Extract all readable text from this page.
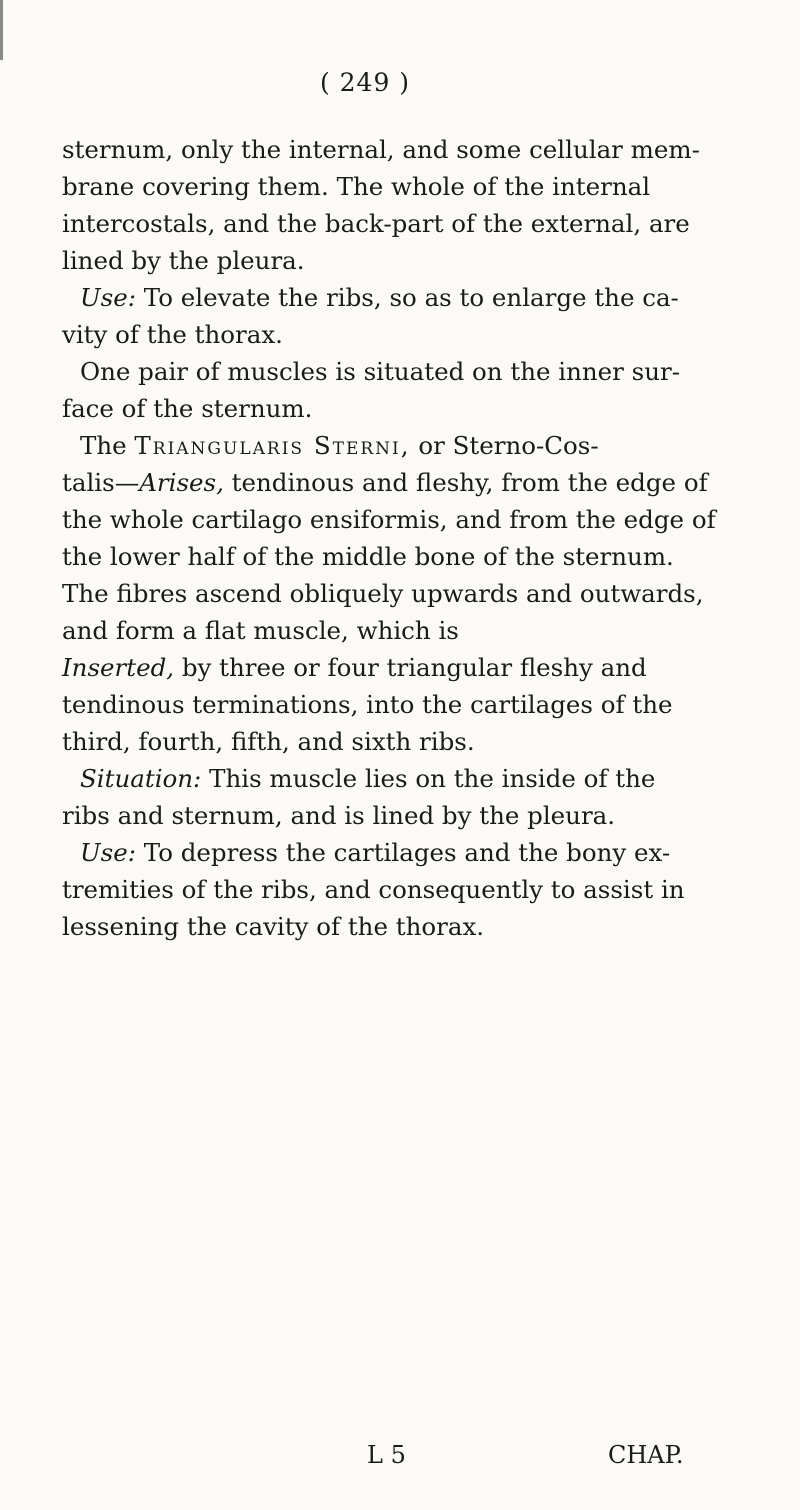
( 249 )
sternum, only the internal, and some cellular mem-
brane covering them. The whole of the internal
intercostals, and the back-part of the external, are
lined by the pleura.
Use: To elevate the ribs, so as to enlarge the ca-
vity of the thorax.
One pair of muscles is situated on the inner sur-
face of the sternum.
The Triangularis Sterni, or Sterno-Cos-
talis—Arises, tendinous and fleshy, from the edge of
the whole cartilago ensiformis, and from the edge of
the lower half of the middle bone of the sternum.
The fibres ascend obliquely upwards and outwards,
and form a flat muscle, which is
Inserted, by three or four triangular fleshy and
tendinous terminations, into the cartilages of the
third, fourth, fifth, and sixth ribs.
Situation: This muscle lies on the inside of the
ribs and sternum, and is lined by the pleura.
Use: To depress the cartilages and the bony ex-
tremities of the ribs, and consequently to assist in
lessening the cavity of the thorax.
L 5	CHAP.
